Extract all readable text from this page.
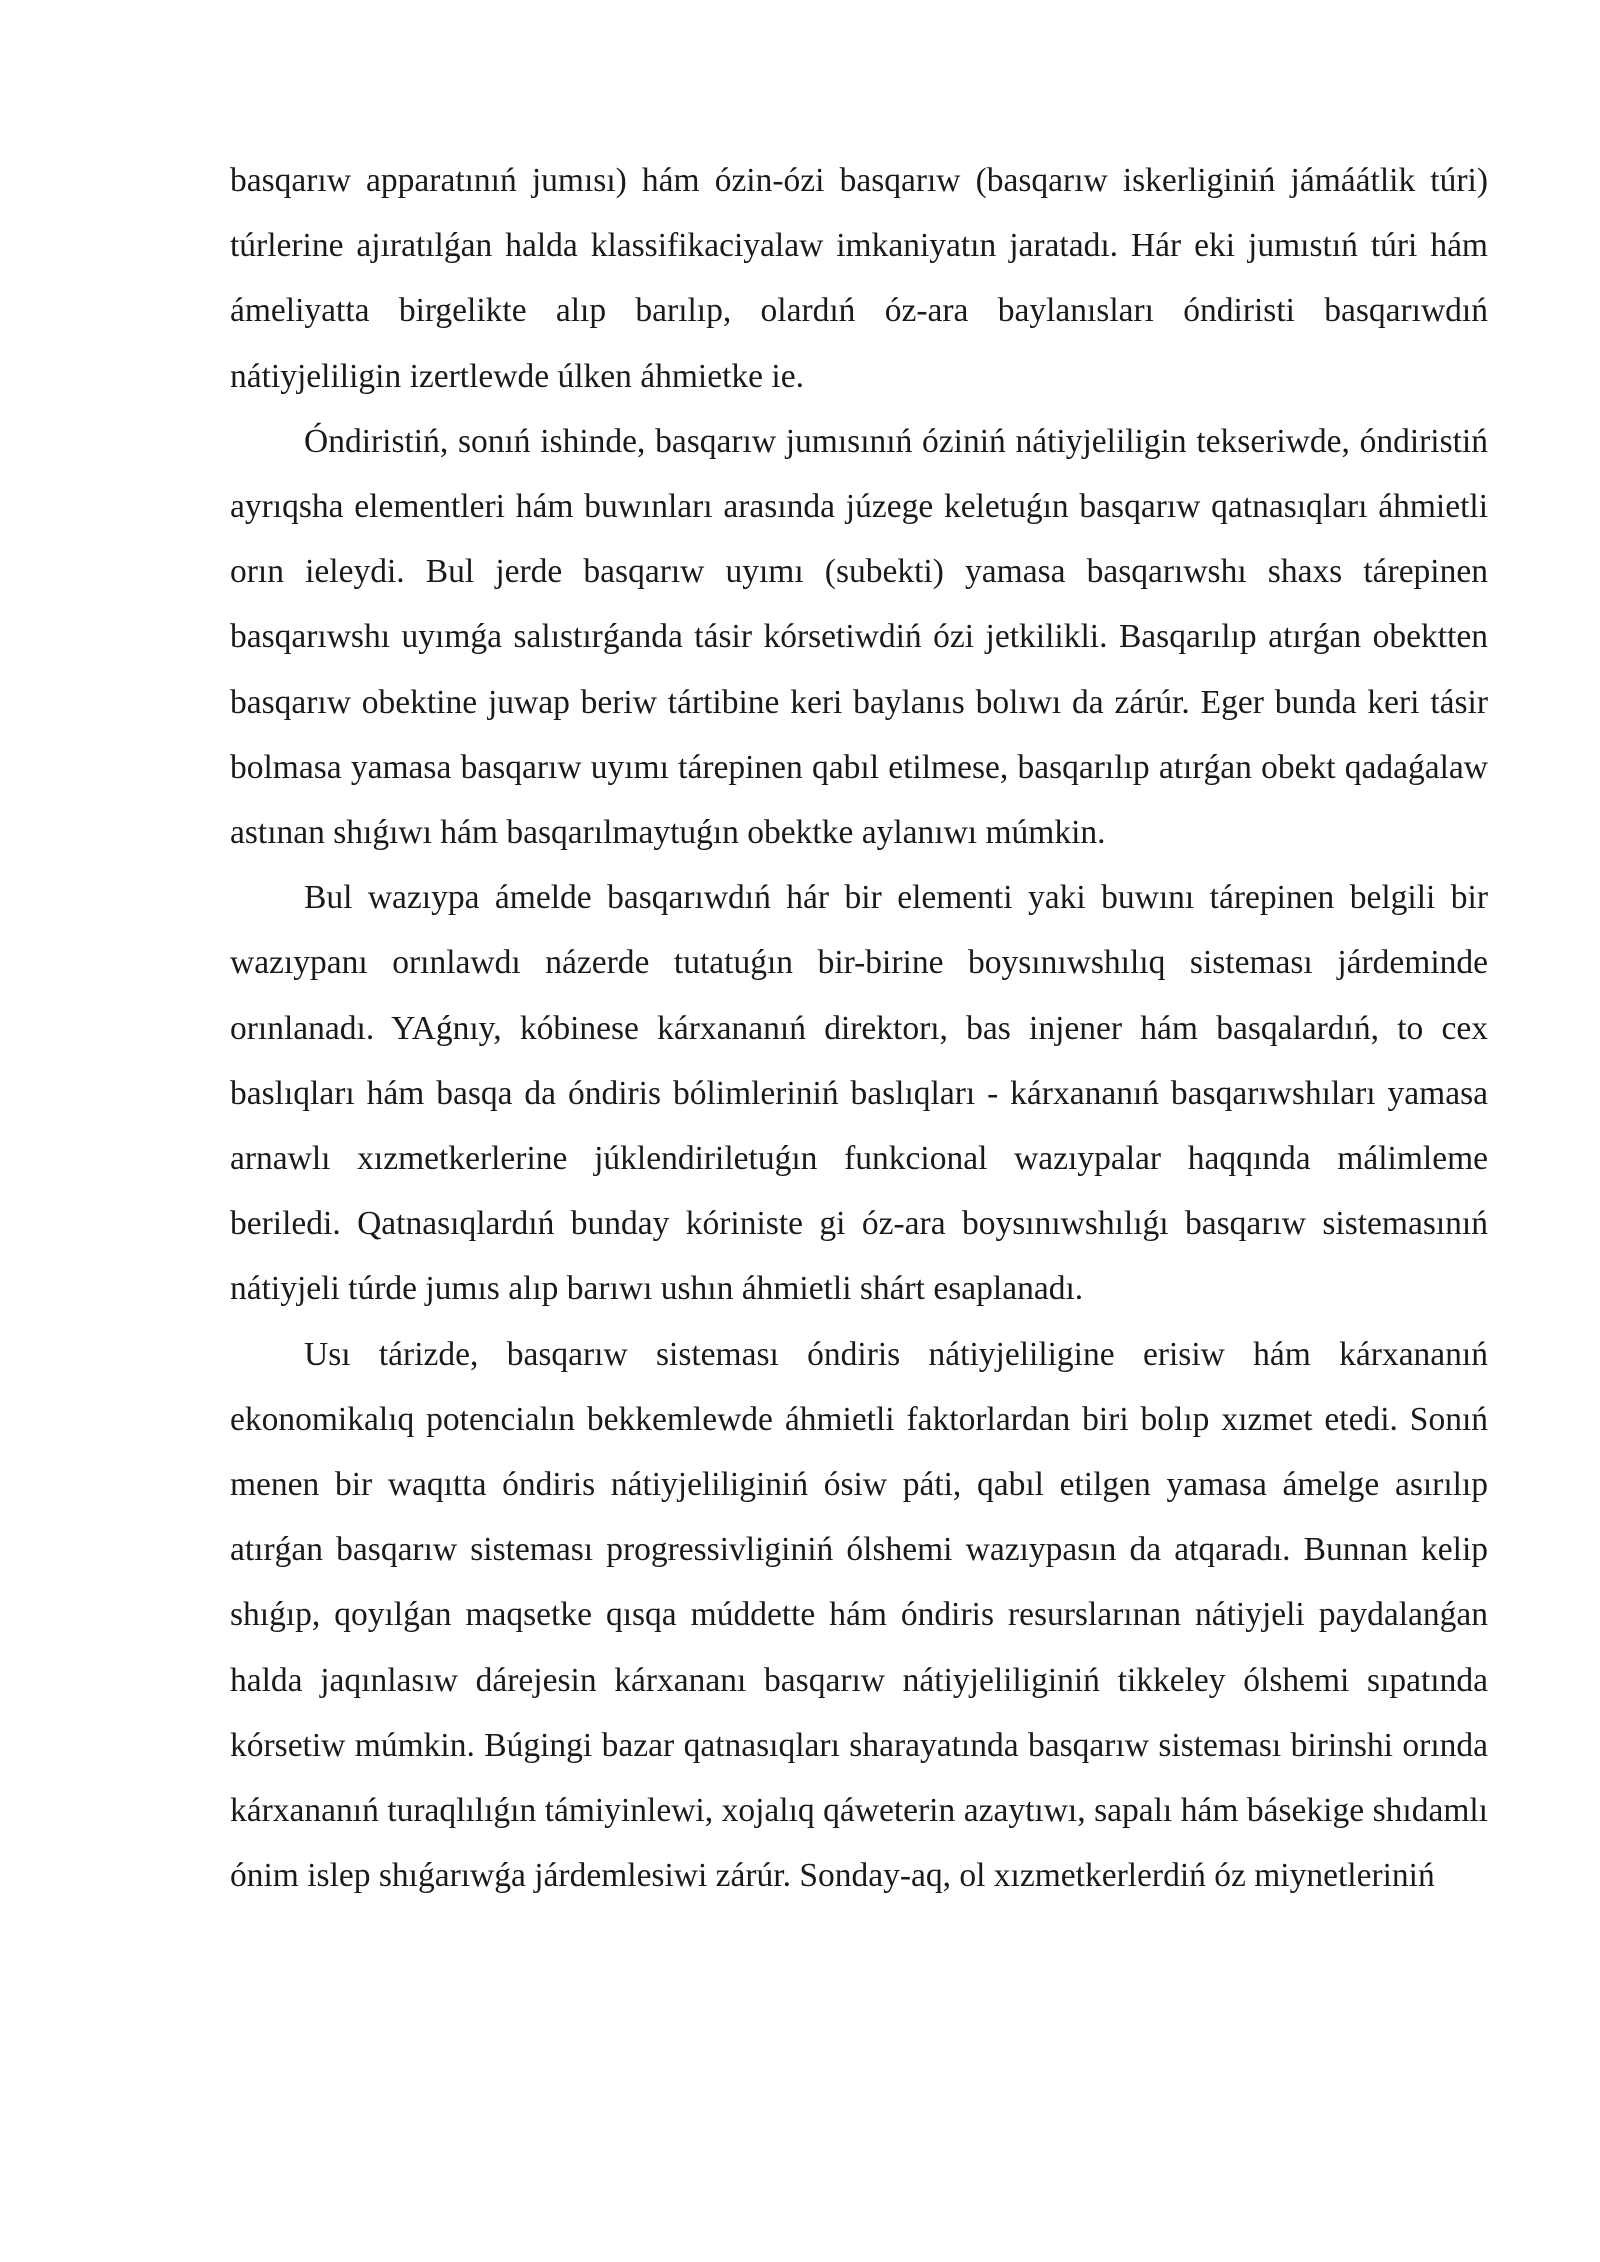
basqarıw apparatınıń jumısı) hám ózin-ózi basqarıw (basqarıw iskerliginiń jámáátlik túri) túrlerine ajıratılǵan halda klassifikaciyalaw imkaniyatın jaratadı. Hár eki jumıstıń túri hám ámeliyatta birgelikte alıp barılıp, olardıń óz-ara baylanısları óndiristi basqarıwdıń nátiyjeliligin izertlewde úlken áhmietke ie.

Óndiristiń, sonıń ishinde, basqarıw jumısınıń óziniń nátiyjeliligin tekseriwde, óndiristiń ayrıqsha elementleri hám buwınları arasında júzege keletuǵın basqarıw qatnasıqları áhmietli orın ieleydi. Bul jerde basqarıw uyımı (subekti) yamasa basqarıwshı shaxs tárepinen basqarıwshı uyımǵa salıstırǵanda tásir kórsetiwdiń ózi jetkilikli. Basqarılıp atırǵan obektten basqarıw obektine juwap beriw tártibine keri baylanıs bolıwı da zárúr. Eger bunda keri tásir bolmasa yamasa basqarıw uyımı tárepinen qabıl etilmese, basqarılıp atırǵan obekt qadaǵalaw astınan shıǵıwı hám basqarılmaytuǵın obektke aylanıwı múmkin.

Bul wazıypa ámelde basqarıwdıń hár bir elementi yaki buwını tárepinen belgili bir wazıypanı orınlawdı názerde tutatuǵın bir-birine boysınıwshılıq sisteması járdeminde orınlanadı. YAǵnıy, kóbinese kárxananıń direktorı, bas injener hám basqalardıń, to cex baslıqları hám basqa da óndiris bólimleriniń baslıqları - kárxananıń basqarıwshıları yamasa arnawlı xızmetkerlerine júklendiriletuǵın funkcional wazıypalar haqqında málimleme beriledi. Qatnasıqlardıń bunday kóriniste gi óz-ara boysınıwshılıǵı basqarıw sistemasınıń nátiyjeli túrde jumıs alıp barıwı ushın áhmietli shárt esaplanadı.

Usı tárizde, basqarıw sisteması óndiris nátiyjeliligine erisiw hám kárxananıń ekonomikalıq potencialın bekkemlewde áhmietli faktorlardan biri bolıp xızmet etedi. Sonıń menen bir waqıtta óndiris nátiyjeliliginiń ósiw páti, qabıl etilgen yamasa ámelge asırılıp atırǵan basqarıw sisteması progressivliginiń ólshemi wazıypasın da atqaradı. Bunnan kelip shıǵıp, qoyılǵan maqsetke qısqa múddette hám óndiris resurslarınan nátiyjeli paydalanǵan halda jaqınlasıw dárejesin kárxananı basqarıw nátiyjeliliginiń tikkeley ólshemi sıpatında kórsetiw múmkin. Búgingi bazar qatnasıqları sharayatında basqarıw sisteması birinshi orında kárxananıń turaqlılıǵın támiyinlewi, xojalıq qáweterin azaytıwı, sapalı hám básekige shıdamlı ónim islep shıǵarıwǵa járdemlesiwi zárúr. Sonday-aq, ol xızmetkerlerdiń óz miynetleriniń
